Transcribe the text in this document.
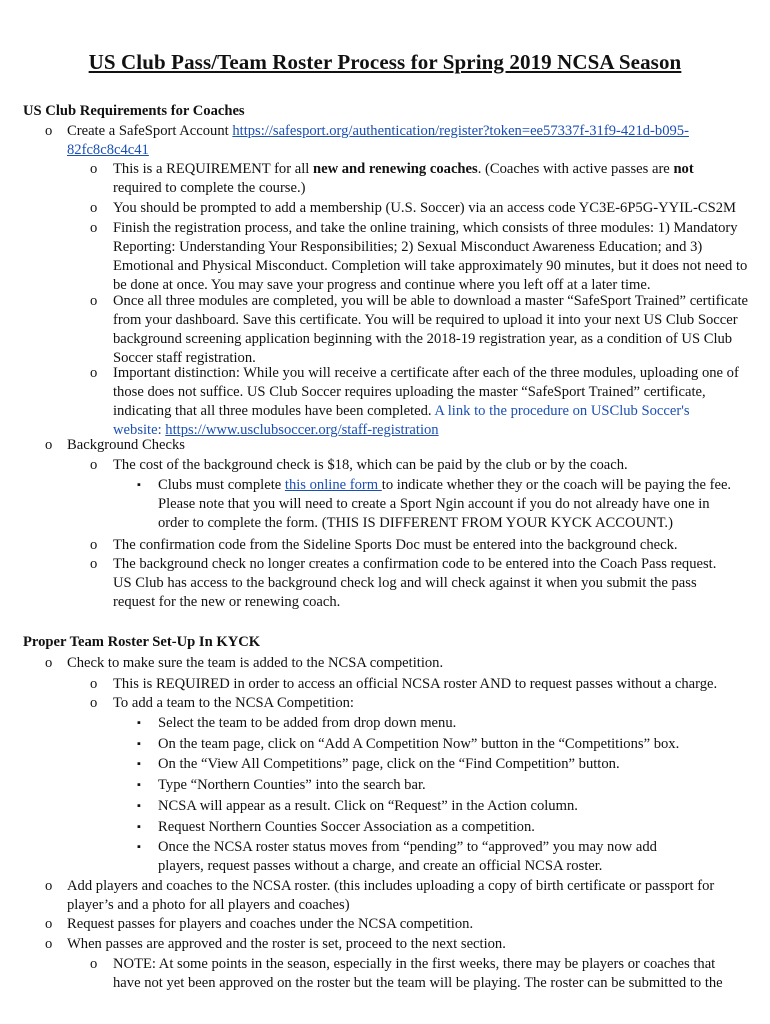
US Club Pass/Team Roster Process for Spring 2019 NCSA Season
US Club Requirements for Coaches
o Create a SafeSport Account https://safesport.org/authentication/register?token=ee57337f-31f9-421d-b095-
82fc8c8c4c41
o This is a REQUIREMENT for all new and renewing coaches. (Coaches with active passes are not
required to complete the course.)
o You should be prompted to add a membership (U.S. Soccer) via an access code YC3E-6P5G-YYIL-CS2M
o Finish the registration process, and take the online training, which consists of three modules: 1) Mandatory
Reporting: Understanding Your Responsibilities; 2) Sexual Misconduct Awareness Education; and 3)
Emotional and Physical Misconduct. Completion will take approximately 90 minutes, but it does not need to
be done at once. You may save your progress and continue where you left off at a later time.
o Once all three modules are completed, you will be able to download a master “SafeSport Trained” certificate
from your dashboard. Save this certificate. You will be required to upload it into your next US Club Soccer
background screening application beginning with the 2018-19 registration year, as a condition of US Club
Soccer staff registration.
o Important distinction: While you will receive a certificate after each of the three modules, uploading one of
those does not suffice. US Club Soccer requires uploading the master “SafeSport Trained” certificate,
indicating that all three modules have been completed. A link to the procedure on USClub Soccer's
website: https://www.usclubsoccer.org/staff-registration
o Background Checks
o The cost of the background check is $18, which can be paid by the club or by the coach.
▪ Clubs must complete this online form to indicate whether they or the coach will be paying the fee.
Please note that you will need to create a Sport Ngin account if you do not already have one in
order to complete the form. (THIS IS DIFFERENT FROM YOUR KYCK ACCOUNT.)
o The confirmation code from the Sideline Sports Doc must be entered into the background check.
o The background check no longer creates a confirmation code to be entered into the Coach Pass request.
US Club has access to the background check log and will check against it when you submit the pass
request for the new or renewing coach.
Proper Team Roster Set-Up In KYCK
o Check to make sure the team is added to the NCSA competition.
o This is REQUIRED in order to access an official NCSA roster AND to request passes without a charge.
o To add a team to the NCSA Competition:
▪ Select the team to be added from drop down menu.
▪ On the team page, click on “Add A Competition Now” button in the “Competitions” box.
▪ On the “View All Competitions” page, click on the “Find Competition” button.
▪ Type “Northern Counties” into the search bar.
▪ NCSA will appear as a result. Click on “Request” in the Action column.
▪ Request Northern Counties Soccer Association as a competition.
▪ Once the NCSA roster status moves from “pending” to “approved” you may now add
players, request passes without a charge, and create an official NCSA roster.
o Add players and coaches to the NCSA roster. (this includes uploading a copy of birth certificate or passport for
player’s and a photo for all players and coaches)
o Request passes for players and coaches under the NCSA competition.
o When passes are approved and the roster is set, proceed to the next section.
o NOTE: At some points in the season, especially in the first weeks, there may be players or coaches that
have not yet been approved on the roster but the team will be playing. The roster can be submitted to the
